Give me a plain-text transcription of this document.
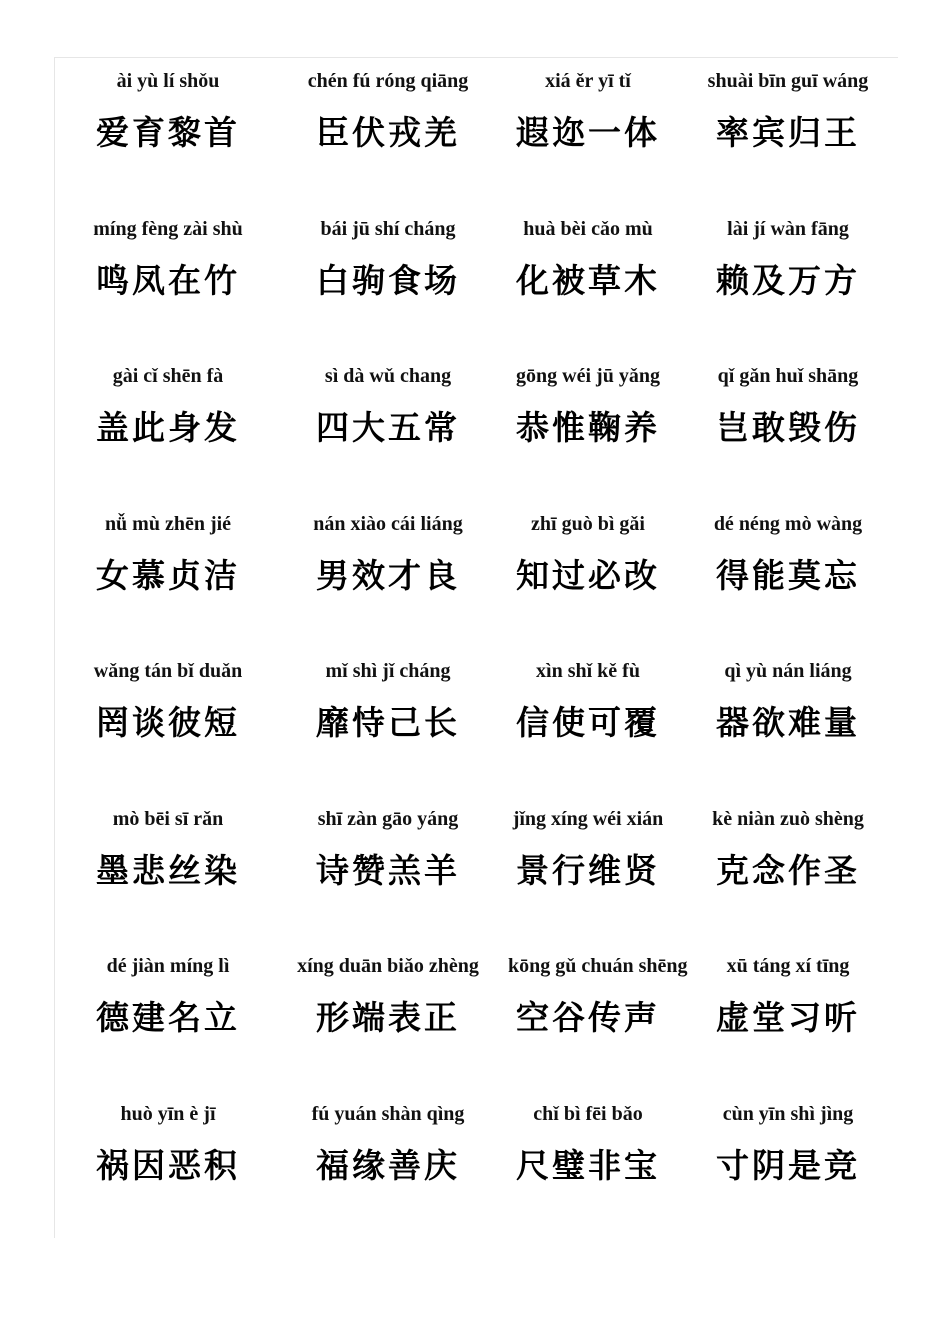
ài yù lí shǒu
爱育黎首
chén fú róng qiāng
臣伏戎羌
xiá ěr yī tǐ
遐迩一体
shuài bīn guī wáng
率宾归王
míng fèng zài shù
鸣凤在竹
bái jū shí cháng
白驹食场
huà bèi cǎo mù
化被草木
lài jí wàn fāng
赖及万方
gài cǐ shēn fà
盖此身发
sì dà wǔ chang
四大五常
gōng wéi jū yǎng
恭惟鞠养
qǐ gǎn huǐ shāng
岂敢毁伤
nǚ mù zhēn jié
女慕贞洁
nán xiào cái liáng
男效才良
zhī guò bì gǎi
知过必改
dé néng mò wàng
得能莫忘
wǎng tán bǐ duǎn
罔谈彼短
mǐ shì jǐ cháng
靡恃己长
xìn shǐ kě fù
信使可覆
qì yù nán liáng
器欲难量
mò bēi sī rǎn
墨悲丝染
shī zàn gāo yáng
诗赞羔羊
jǐng xíng wéi xián
景行维贤
kè niàn zuò shèng
克念作圣
dé jiàn míng lì
德建名立
xíng duān biǎo zhèng
形端表正
kōng gǔ chuán shēng
空谷传声
xū táng xí tīng
虚堂习听
huò yīn è jī
祸因恶积
fú yuán shàn qìng
福缘善庆
chǐ bì fēi bǎo
尺璧非宝
cùn yīn shì jìng
寸阴是竞
